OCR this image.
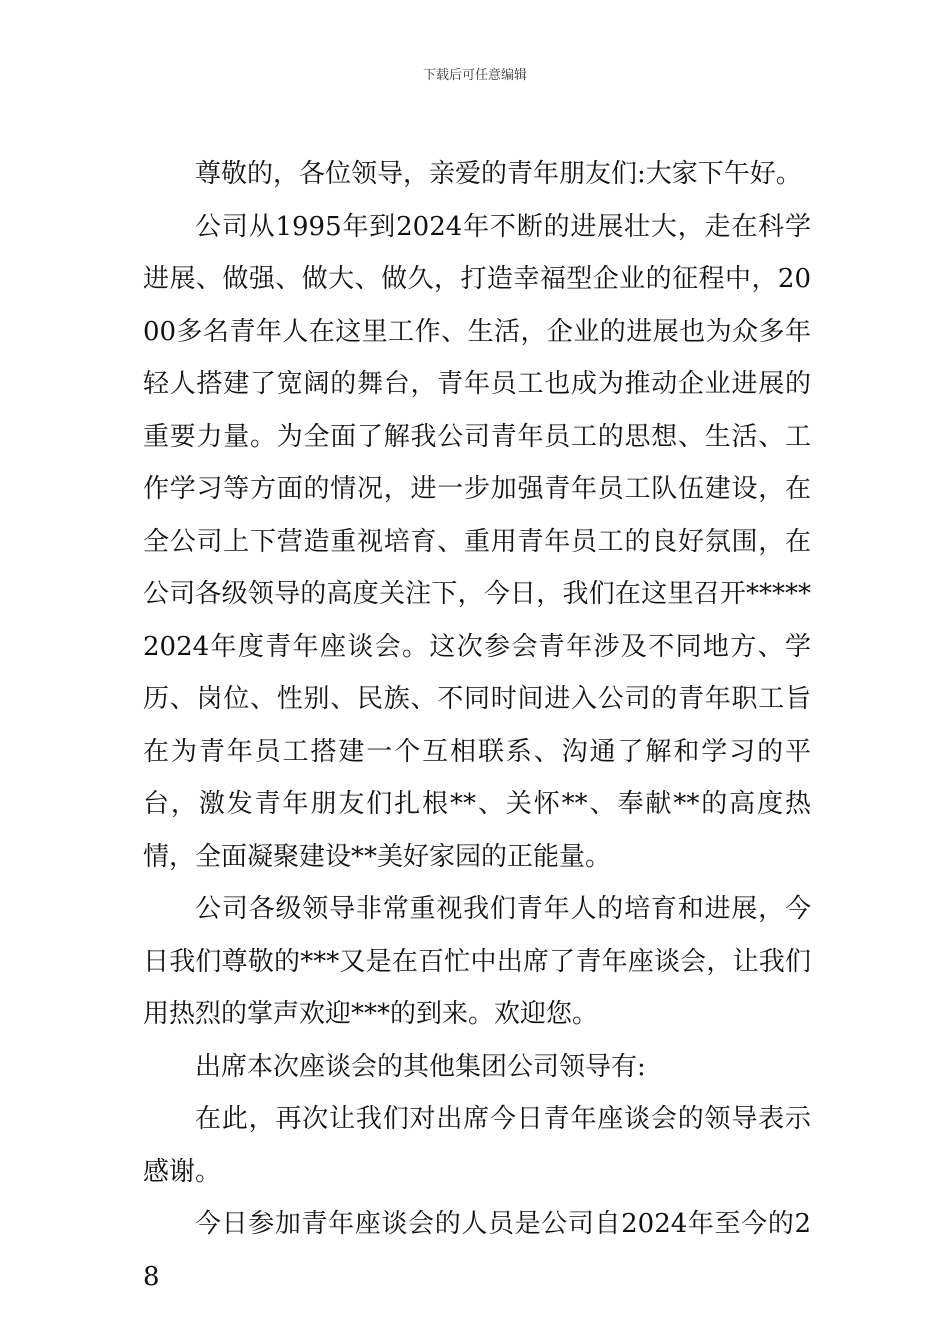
下载后可任意编辑

尊敬的，各位领导，亲爱的青年朋友们:大家下午好。

公司从1995年到2024年不断的进展壮大，走在科学进展、做强、做大、做久，打造幸福型企业的征程中，2000多名青年人在这里工作、生活，企业的进展也为众多年轻人搭建了宽阔的舞台，青年员工也成为推动企业进展的重要力量。为全面了解我公司青年员工的思想、生活、工作学习等方面的情况，进一步加强青年员工队伍建设，在全公司上下营造重视培育、重用青年员工的良好氛围，在公司各级领导的高度关注下，今日，我们在这里召开*****2024年度青年座谈会。这次参会青年涉及不同地方、学历、岗位、性别、民族、不同时间进入公司的青年职工旨在为青年员工搭建一个互相联系、沟通了解和学习的平台，激发青年朋友们扎根**、关怀**、奉献**的高度热情，全面凝聚建设**美好家园的正能量。

公司各级领导非常重视我们青年人的培育和进展，今日我们尊敬的***又是在百忙中出席了青年座谈会，让我们用热烈的掌声欢迎***的到来。欢迎您。

出席本次座谈会的其他集团公司领导有:

在此，再次让我们对出席今日青年座谈会的领导表示感谢。

今日参加青年座谈会的人员是公司自2024年至今的28
